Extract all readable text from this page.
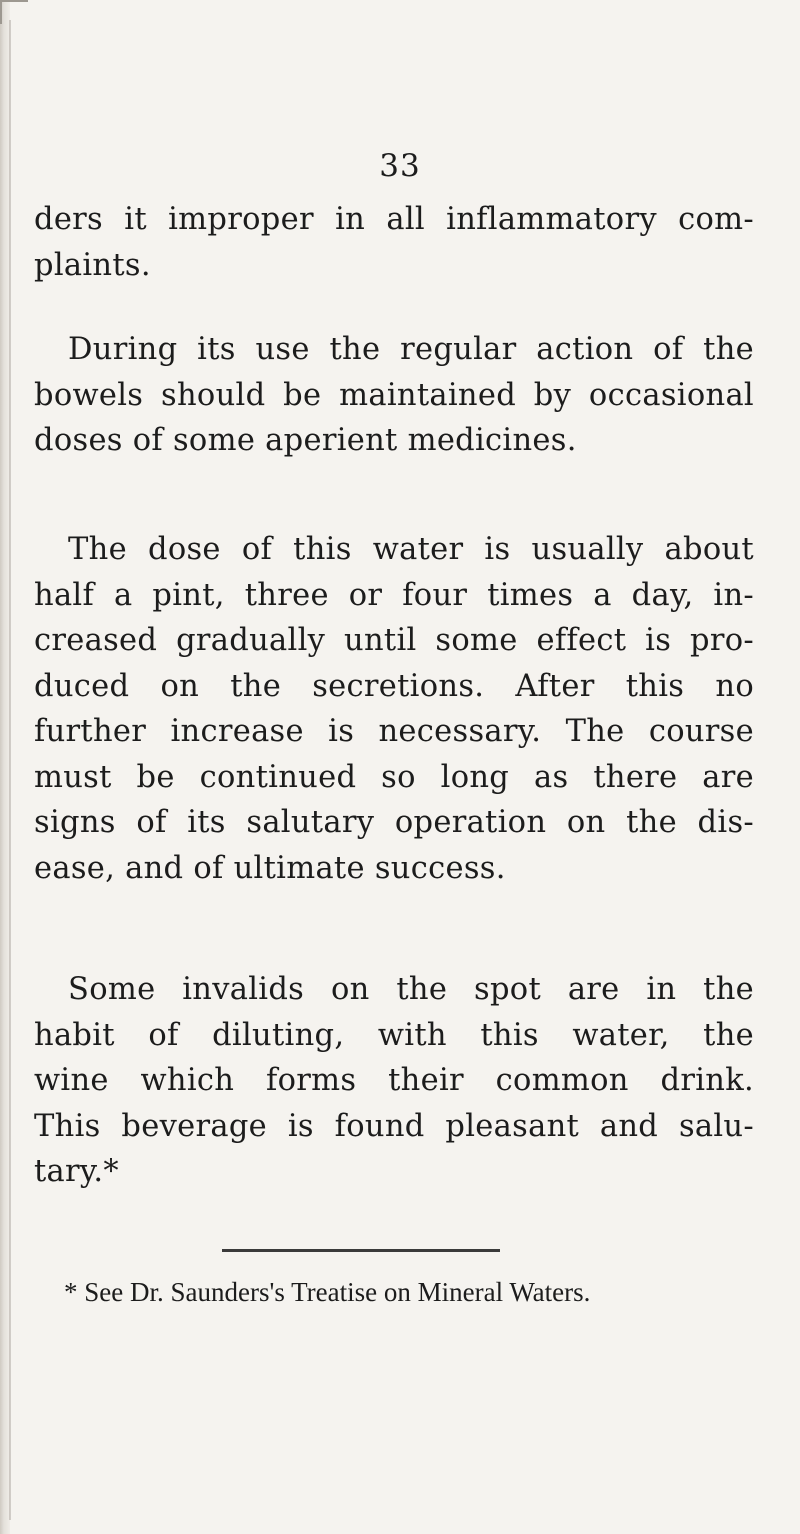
33
ders it improper in all inflammatory com-
plaints.
During its use the regular action of the
bowels should be maintained by occasional
doses of some aperient medicines.
The dose of this water is usually about
half a pint, three or four times a day, in-
creased gradually until some effect is pro-
duced on the secretions. After this no
further increase is necessary. The course
must be continued so long as there are
signs of its salutary operation on the dis-
ease, and of ultimate success.
Some invalids on the spot are in the
habit of diluting, with this water, the
wine which forms their common drink.
This beverage is found pleasant and salu-
tary.*
* See Dr. Saunders's Treatise on Mineral Waters.
